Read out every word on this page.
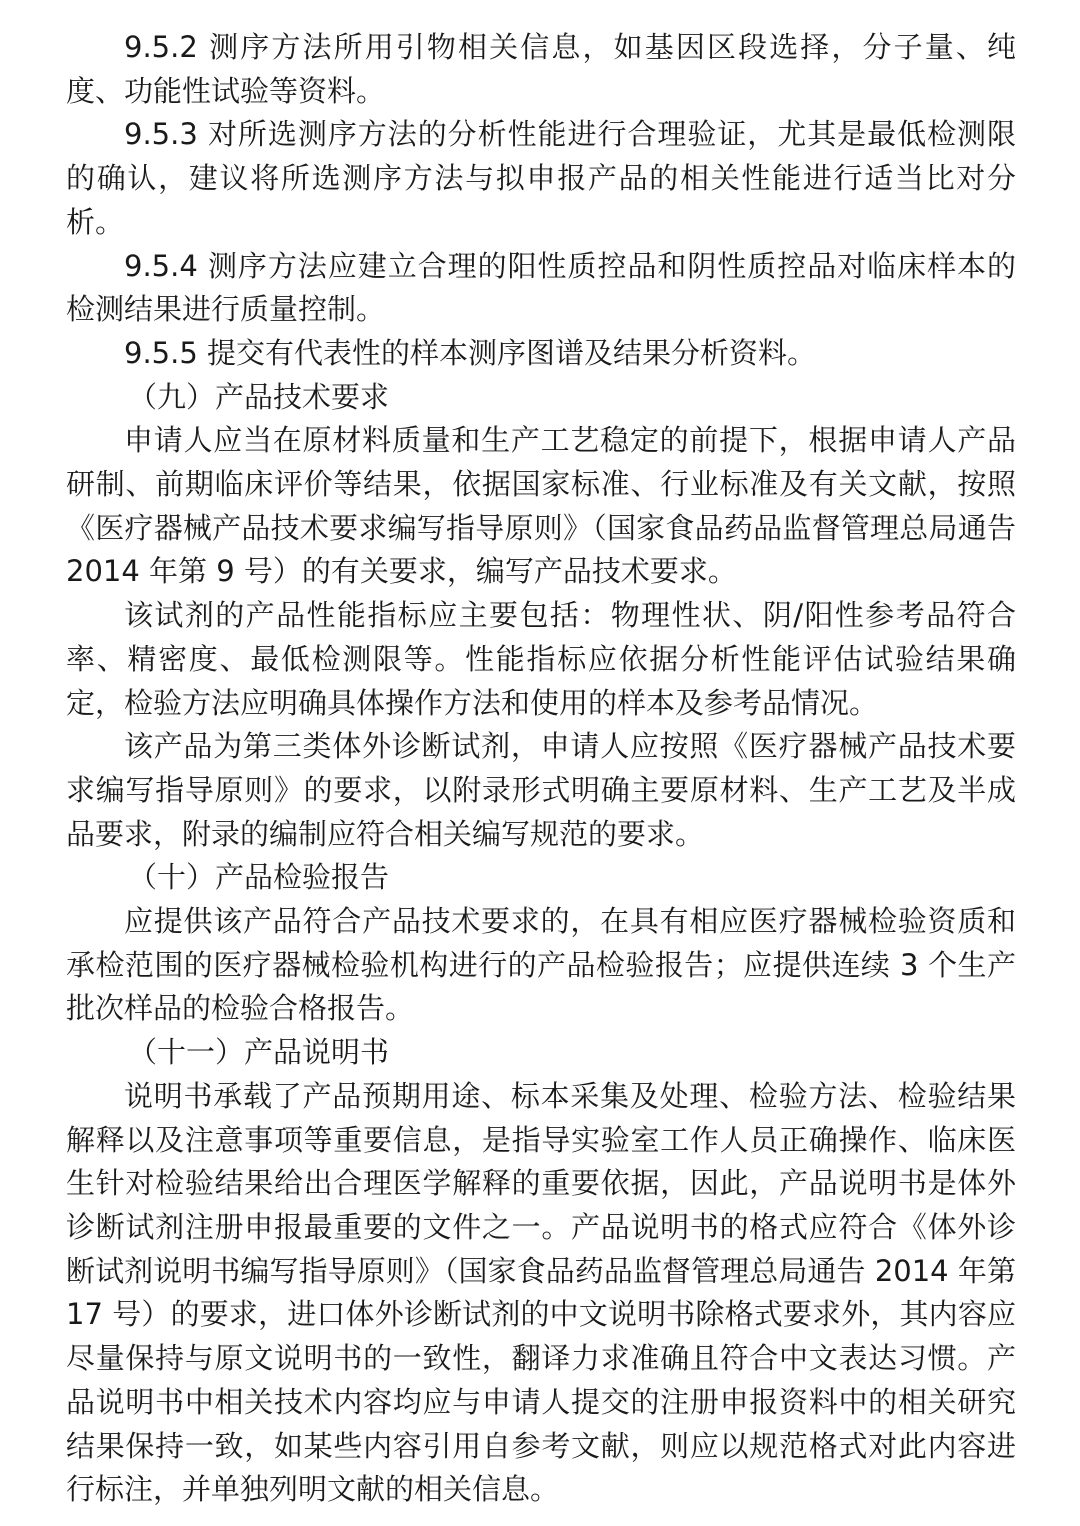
9.5.2 测序方法所用引物相关信息，如基因区段选择，分子量、纯度、功能性试验等资料。

9.5.3 对所选测序方法的分析性能进行合理验证，尤其是最低检测限的确认，建议将所选测序方法与拟申报产品的相关性能进行适当比对分析。

9.5.4 测序方法应建立合理的阳性质控品和阴性质控品对临床样本的检测结果进行质量控制。

9.5.5 提交有代表性的样本测序图谱及结果分析资料。

（九）产品技术要求

申请人应当在原材料质量和生产工艺稳定的前提下，根据申请人产品研制、前期临床评价等结果，依据国家标准、行业标准及有关文献，按照《医疗器械产品技术要求编写指导原则》（国家食品药品监督管理总局通告 2014 年第 9 号）的有关要求，编写产品技术要求。

该试剂的产品性能指标应主要包括：物理性状、阴/阳性参考品符合率、精密度、最低检测限等。性能指标应依据分析性能评估试验结果确定，检验方法应明确具体操作方法和使用的样本及参考品情况。

该产品为第三类体外诊断试剂，申请人应按照《医疗器械产品技术要求编写指导原则》的要求，以附录形式明确主要原材料、生产工艺及半成品要求，附录的编制应符合相关编写规范的要求。

（十）产品检验报告

应提供该产品符合产品技术要求的，在具有相应医疗器械检验资质和承检范围的医疗器械检验机构进行的产品检验报告；应提供连续 3 个生产批次样品的检验合格报告。

（十一）产品说明书

说明书承载了产品预期用途、标本采集及处理、检验方法、检验结果解释以及注意事项等重要信息，是指导实验室工作人员正确操作、临床医生针对检验结果给出合理医学解释的重要依据，因此，产品说明书是体外诊断试剂注册申报最重要的文件之一。产品说明书的格式应符合《体外诊断试剂说明书编写指导原则》（国家食品药品监督管理总局通告 2014 年第 17 号）的要求，进口体外诊断试剂的中文说明书除格式要求外，其内容应尽量保持与原文说明书的一致性，翻译力求准确且符合中文表达习惯。产品说明书中相关技术内容均应与申请人提交的注册申报资料中的相关研究结果保持一致，如某些内容引用自参考文献，则应以规范格式对此内容进行标注，并单独列明文献的相关信息。
